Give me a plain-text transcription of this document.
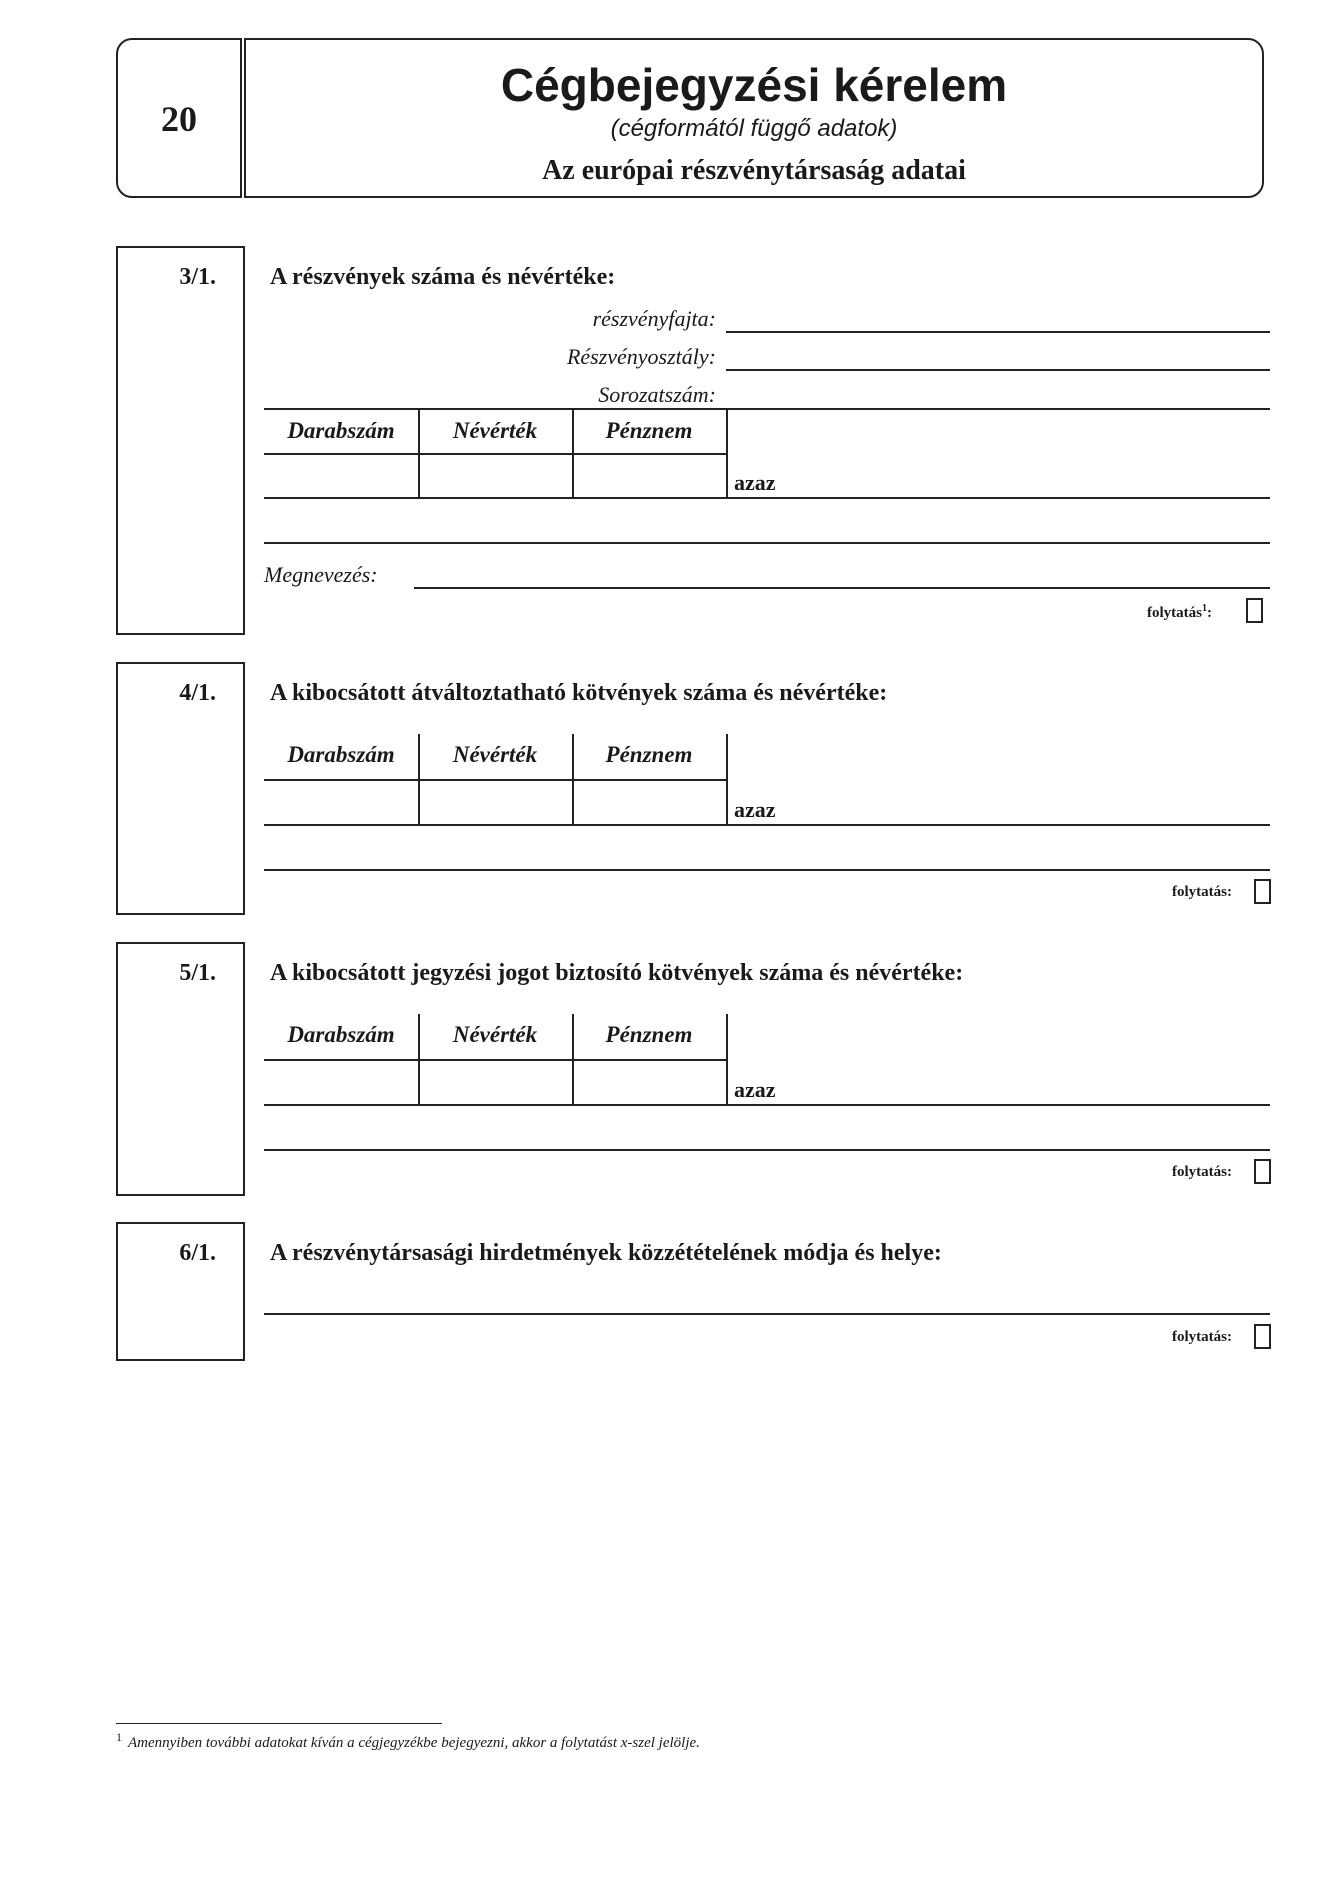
20
Cégbejegyzési kérelem
(cégformától függő adatok)
Az európai részvénytársaság adatai
3/1. A részvények száma és névértéke:
részvényfajta:
Részvényosztály:
Sorozatszám:
Darabszám	Névérték	Pénznem
azaz
Megnevezés:
folytatás$^1$:
4/1. A kibocsátott átváltoztatható kötvények száma és névértéke:
Darabszám	Névérték	Pénznem
azaz
folytatás:
5/1. A kibocsátott jegyzési jogot biztosító kötvények száma és névértéke:
Darabszám	Névérték	Pénznem
azaz
folytatás:
6/1. A részvénytársasági hirdetmények közzétételének módja és helye:
folytatás:
$^1$ Amennyiben további adatokat kíván a cégjegyzékbe bejegyezni, akkor a folytatást x-szel jelölje.
